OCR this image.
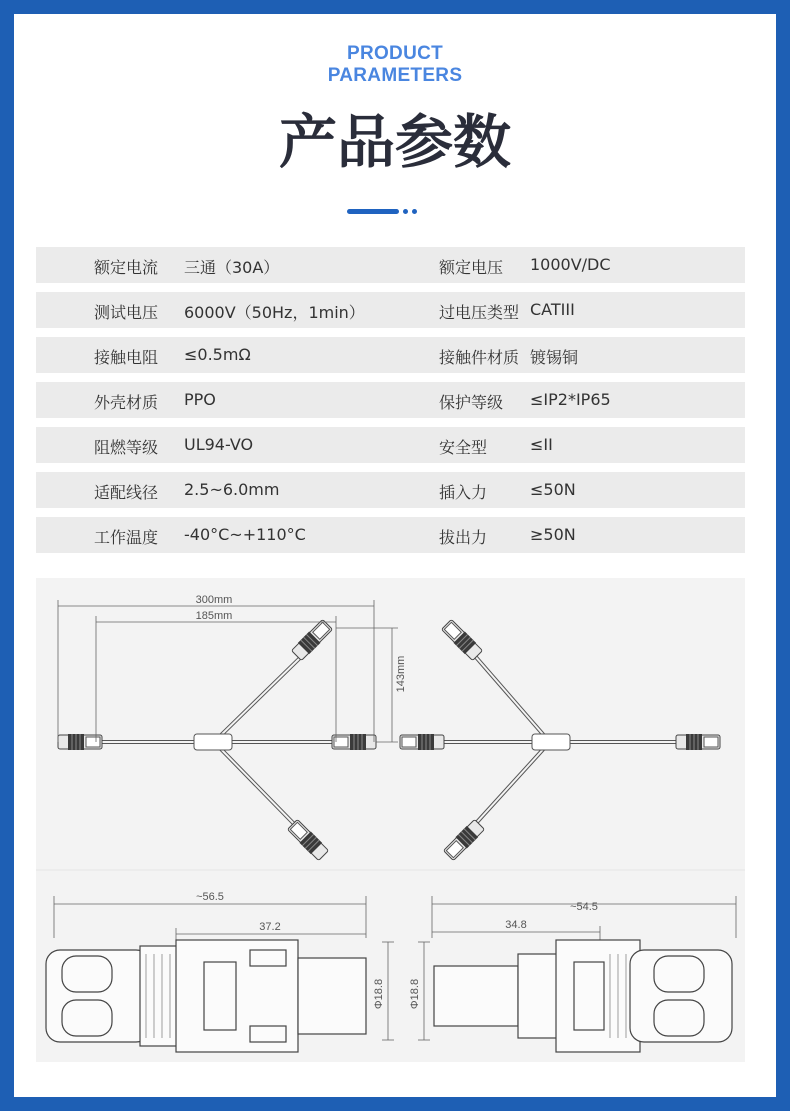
PRODUCT
PARAMETERS
产品参数
额定电流 三通（30A）	额定电压 1000V/DC
测试电压 6000V（50Hz，1min）	过电压类型 CATIII
接触电阻 ≤0.5mΩ	接触件材质 镀锡铜
外壳材质 PPO	保护等级 ≤IP2*IP65
阻燃等级 UL94-VO	安全型	≤II
适配线径 2.5~6.0mm	插入力	≤50N
工作温度 -40°C~+110°C	拔出力	≥50N
300mm
185mm
143mm
~56.5
37.2
Φ18.8
~54.5
34.8
Φ18.8
